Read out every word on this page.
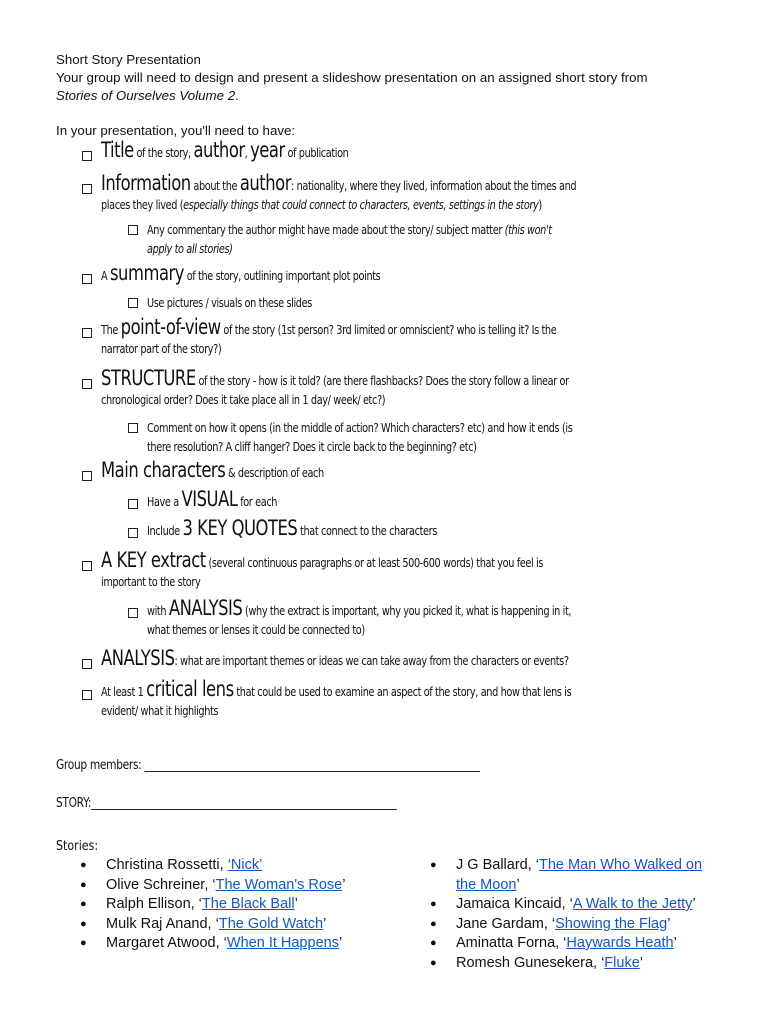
Short Story Presentation

Your group will need to design and present a slideshow presentation on an assigned short story from

Stories of Ourselves Volume 2.

In your presentation, you'll need to have:
Title of the story, author, year of publication
Information about the author: nationality, where they lived, information about the times and
places they lived (especially things that could connect to characters, events, settings in the story)
Any commentary the author might have made about the story/ subject matter (this won't
apply to all stories)
A summary of the story, outlining important plot points
Use pictures / visuals on these slides
The point-of-view of the story (1st person? 3rd limited or omniscient? who is telling it? Is the
narrator part of the story?)
STRUCTURE of the story - how is it told? (are there flashbacks? Does the story follow a linear or
chronological order? Does it take place all in 1 day/ week/ etc?)
Comment on how it opens (in the middle of action? Which characters? etc) and how it ends (is
there resolution? A cliff hanger? Does it circle back to the beginning? etc)
Main characters & description of each
Have a VISUAL for each
Include 3 KEY QUOTES that connect to the characters
A KEY extract (several continuous paragraphs or at least 500-600 words) that you feel is
important to the story
with ANALYSIS (why the extract is important, why you picked it, what is happening in it,
what themes or lenses it could be connected to)
ANALYSIS: what are important themes or ideas we can take away from the characters or events?
At least 1 critical lens that could be used to examine an aspect of the story, and how that lens is
evident/ what it highlights
Group members: ___________________________________________________________________
STORY:_____________________________________________________________
Stories:
● Christina Rossetti, ‘Nick’
● Olive Schreiner, ‘The Woman's Rose’
● Ralph Ellison, ‘The Black Ball’
● Mulk Raj Anand, ‘The Gold Watch’
● Margaret Atwood, ‘When It Happens’
● J G Ballard, ‘The Man Who Walked on the Moon’
● Jamaica Kincaid, ‘A Walk to the Jetty’
● Jane Gardam, ‘Showing the Flag’
● Aminatta Forna, ‘Haywards Heath’
● Romesh Gunesekera, ‘Fluke’
